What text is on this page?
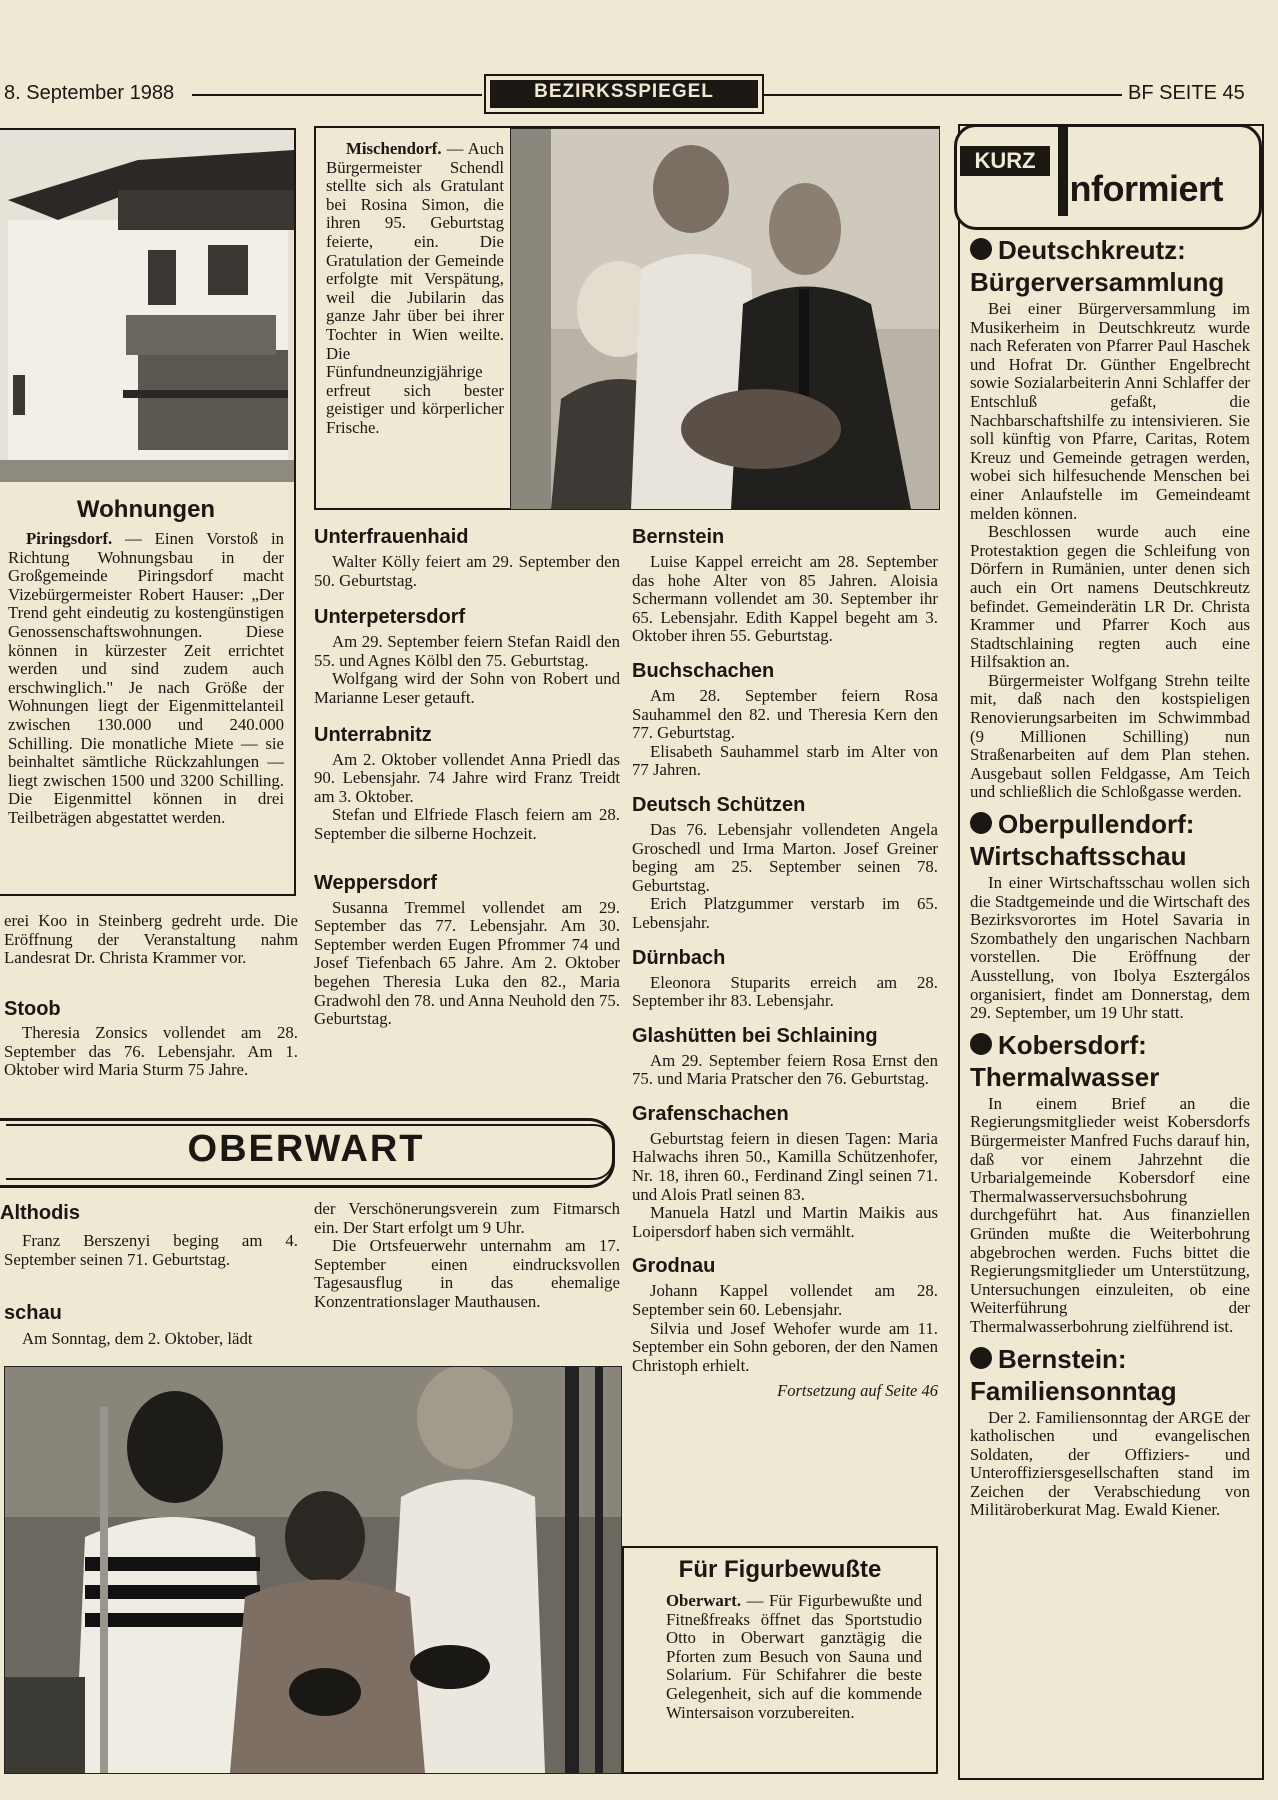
8. September 1988	BEZIRKSSPIEGEL	BF SEITE 45
Wohnungen

Piringsdorf. — Einen Vorstoß in Richtung Wohnungsbau in der Großgemeinde Piringsdorf macht Vizebürgermeister Robert Hauser: „Der Trend geht eindeutig zu kostengünstigen Genossenschaftswohnungen. Diese können in kürzester Zeit errichtet werden und sind zudem auch erschwinglich." Je nach Größe der Wohnungen liegt der Eigenmittelanteil zwischen 130.000 und 240.000 Schilling. Die monatliche Miete — sie beinhaltet sämtliche Rückzahlungen — liegt zwischen 1500 und 3200 Schilling. Die Eigenmittel können in drei Teilbeträgen abgestattet werden.

erei Koo in Steinberg gedreht urde. Die Eröffnung der Veranstaltung nahm Landesrat Dr. Christa Krammer vor.

Stoob

Theresia Zonsics vollendet am 28. September das 76. Lebensjahr. Am 1. Oktober wird Maria Sturm 75 Jahre.

Mischendorf. — Auch Bürgermeister Schendl stellte sich als Gratulant bei Rosina Simon, die ihren 95. Geburtstag feierte, ein. Die Gratulation der Gemeinde erfolgte mit Verspätung, weil die Jubilarin das ganze Jahr über bei ihrer Tochter in Wien weilte. Die Fünfundneunzigjährige erfreut sich bester geistiger und körperlicher Frische.

Unterfrauenhaid

Walter Kölly feiert am 29. September den 50. Geburtstag.

Unterpetersdorf

Am 29. September feiern Stefan Raidl den 55. und Agnes Kölbl den 75. Geburtstag.

Wolfgang wird der Sohn von Robert und Marianne Leser getauft.

Unterrabnitz

Am 2. Oktober vollendet Anna Priedl das 90. Lebensjahr. 74 Jahre wird Franz Treidt am 3. Oktober.

Stefan und Elfriede Flasch feiern am 28. September die silberne Hochzeit.

Weppersdorf

Susanna Tremmel vollendet am 29. September das 77. Lebensjahr. Am 30. September werden Eugen Pfrommer 74 und Josef Tiefenbach 65 Jahre. Am 2. Oktober begehen Theresia Luka den 82., Maria Gradwohl den 78. und Anna Neuhold den 75. Geburtstag.

Bernstein

Luise Kappel erreicht am 28. September das hohe Alter von 85 Jahren. Aloisia Schermann vollendet am 30. September ihr 65. Lebensjahr. Edith Kappel begeht am 3. Oktober ihren 55. Geburtstag.

Buchschachen

Am 28. September feiern Rosa Sauhammel den 82. und Theresia Kern den 77. Geburtstag.

Elisabeth Sauhammel starb im Alter von 77 Jahren.

Deutsch Schützen

Das 76. Lebensjahr vollendeten Angela Groschedl und Irma Marton. Josef Greiner beging am 25. September seinen 78. Geburtstag.

Erich Platzgummer verstarb im 65. Lebensjahr.

Dürnbach

Eleonora Stuparits erreich am 28. September ihr 83. Lebensjahr.

Glashütten bei Schlaining

Am 29. September feiern Rosa Ernst den 75. und Maria Pratscher den 76. Geburtstag.

Grafenschachen

Geburtstag feiern in diesen Tagen: Maria Halwachs ihren 50., Kamilla Schützenhofer, Nr. 18, ihren 60., Ferdinand Zingl seinen 71. und Alois Pratl seinen 83.

Manuela Hatzl und Martin Maikis aus Loipersdorf haben sich vermählt.

Grodnau

Johann Kappel vollendet am 28. September sein 60. Lebensjahr.

Silvia und Josef Wehofer wurde am 11. September ein Sohn geboren, der den Namen Christoph erhielt.

Fortsetzung auf Seite 46
OBERWART
Althodis

Franz Berszenyi beging am 4. September seinen 71. Geburtstag.

schau

Am Sonntag, dem 2. Oktober, lädt

der Verschönerungsverein zum Fitmarsch ein. Der Start erfolgt um 9 Uhr.

Die Ortsfeuerwehr unternahm am 17. September einen eindrucksvollen Tagesausflug in das ehemalige Konzentrationslager Mauthausen.

Für Figurbewußte

Oberwart. — Für Figurbewußte und Fitneßfreaks öffnet das Sportstudio Otto in Oberwart ganztägig die Pforten zum Besuch von Sauna und Solarium. Für Schifahrer die beste Gelegenheit, sich auf die kommende Wintersaison vorzubereiten.

KURZ
Informiert
Deutschkreutz: Bürgerversammlung

Bei einer Bürgerversammlung im Musikerheim in Deutschkreutz wurde nach Referaten von Pfarrer Paul Haschek und Hofrat Dr. Günther Engelbrecht sowie Sozialarbeiterin Anni Schlaffer der Entschluß gefaßt, die Nachbarschaftshilfe zu intensivieren. Sie soll künftig von Pfarre, Caritas, Rotem Kreuz und Gemeinde getragen werden, wobei sich hilfesuchende Menschen bei einer Anlaufstelle im Gemeindeamt melden können.

Beschlossen wurde auch eine Protestaktion gegen die Schleifung von Dörfern in Rumänien, unter denen sich auch ein Ort namens Deutschkreutz befindet. Gemeinderätin LR Dr. Christa Krammer und Pfarrer Koch aus Stadtschlaining regten auch eine Hilfsaktion an.

Bürgermeister Wolfgang Strehn teilte mit, daß nach den kostspieligen Renovierungsarbeiten im Schwimmbad (9 Millionen Schilling) nun Straßenarbeiten auf dem Plan stehen. Ausgebaut sollen Feldgasse, Am Teich und schließlich die Schloßgasse werden.

Oberpullendorf: Wirtschaftsschau

In einer Wirtschaftsschau wollen sich die Stadtgemeinde und die Wirtschaft des Bezirksvorortes im Hotel Savaria in Szombathely den ungarischen Nachbarn vorstellen. Die Eröffnung der Ausstellung, von Ibolya Esztergálos organisiert, findet am Donnerstag, dem 29. September, um 19 Uhr statt.

Kobersdorf: Thermalwasser

In einem Brief an die Regierungsmitglieder weist Kobersdorfs Bürgermeister Manfred Fuchs darauf hin, daß vor einem Jahrzehnt die Urbarialgemeinde Kobersdorf eine Thermalwasserversuchsbohrung durchgeführt hat. Aus finanziellen Gründen mußte die Weiterbohrung abgebrochen werden. Fuchs bittet die Regierungsmitglieder um Unterstützung, Untersuchungen einzuleiten, ob eine Weiterführung der Thermalwasserbohrung zielführend ist.

Bernstein: Familiensonntag

Der 2. Familiensonntag der ARGE der katholischen und evangelischen Soldaten, der Offiziers- und Unteroffiziersgesellschaften stand im Zeichen der Verabschiedung von Militäroberkurat Mag. Ewald Kiener.
